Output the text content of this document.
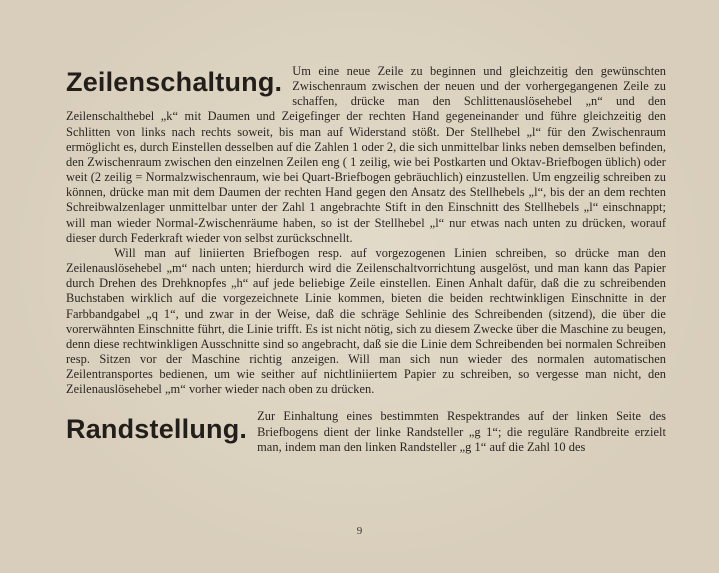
Zeilenschaltung. Um eine neue Zeile zu beginnen und gleichzeitig den gewünschten Zwischenraum zwischen der neuen und der vorhergegangenen Zeile zu schaffen, drücke man den Schlittenauslösehebel „n“ und den Zeilenschalthebel „k“ mit Daumen und Zeigefinger der rechten Hand gegeneinander und führe gleichzeitig den Schlitten von links nach rechts soweit, bis man auf Widerstand stößt. Der Stellhebel „l“ für den Zwischenraum ermöglicht es, durch Einstellen desselben auf die Zahlen 1 oder 2, die sich unmittelbar links neben demselben befinden, den Zwischenraum zwischen den einzelnen Zeilen eng ( 1 zeilig, wie bei Postkarten und Oktav-Briefbogen üblich) oder weit (2 zeilig = Normalzwischenraum, wie bei Quart-Briefbogen gebräuchlich) einzustellen. Um engzeilig schreiben zu können, drücke man mit dem Daumen der rechten Hand gegen den Ansatz des Stellhebels „l“, bis der an dem rechten Schreibwalzenlager unmittelbar unter der Zahl 1 angebrachte Stift in den Einschnitt des Stellhebels „l“ einschnappt; will man wieder Normal-Zwischenräume haben, so ist der Stellhebel „l“ nur etwas nach unten zu drücken, worauf dieser durch Federkraft wieder von selbst zurückschnellt.

Will man auf liniierten Briefbogen resp. auf vorgezogenen Linien schreiben, so drücke man den Zeilenauslösehebel „m“ nach unten; hierdurch wird die Zeilenschaltvorrichtung ausgelöst, und man kann das Papier durch Drehen des Drehknopfes „h“ auf jede beliebige Zeile einstellen. Einen Anhalt dafür, daß die zu schreibenden Buchstaben wirklich auf die vorgezeichnete Linie kommen, bieten die beiden rechtwinkligen Einschnitte in der Farbbandgabel „q 1“, und zwar in der Weise, daß die schräge Sehlinie des Schreibenden (sitzend), die über die vorerwähnten Einschnitte führt, die Linie trifft. Es ist nicht nötig, sich zu diesem Zwecke über die Maschine zu beugen, denn diese rechtwinkligen Ausschnitte sind so angebracht, daß sie die Linie dem Schreibenden bei normalen Schreiben resp. Sitzen vor der Maschine richtig anzeigen. Will man sich nun wieder des normalen automatischen Zeilentransportes bedienen, um wie seither auf nichtliniiertem Papier zu schreiben, so vergesse man nicht, den Zeilenauslösehebel „m“ vorher wieder nach oben zu drücken.

Randstellung. Zur Einhaltung eines bestimmten Respektrandes auf der linken Seite des Briefbogens dient der linke Randsteller „g 1“; die reguläre Randbreite erzielt man, indem man den linken Randsteller „g 1“ auf die Zahl 10 des

9
